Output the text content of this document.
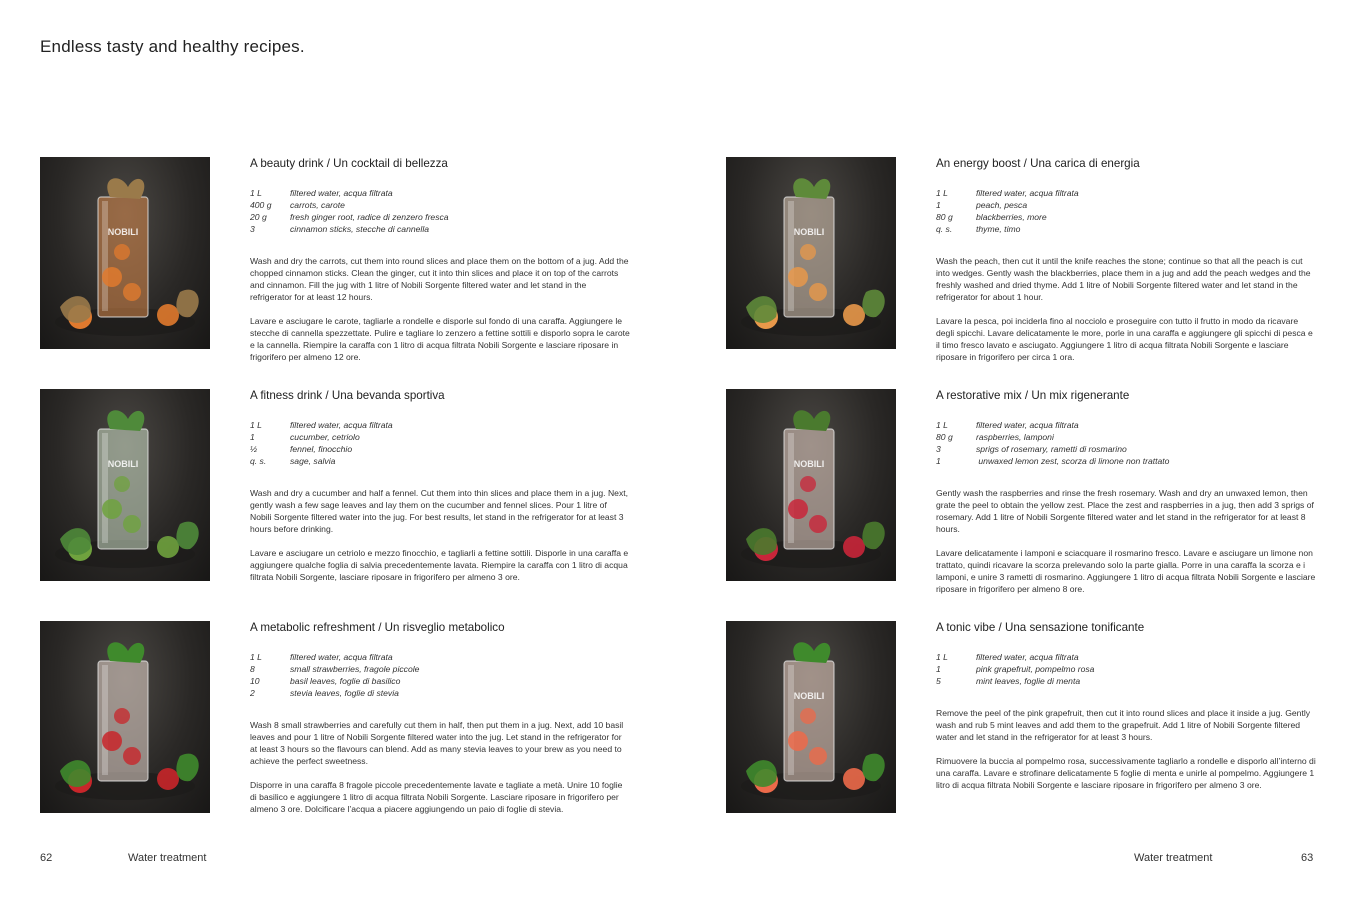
Endless tasty and healthy recipes.
NOBILI
A beauty drink / Un cocktail di bellezza
1 L	filtered water, acqua filtrata
400 g	carrots, carote
20 g	fresh ginger root, radice di zenzero fresca
3	cinnamon sticks, stecche di cannella
Wash and dry the carrots, cut them into round slices and place them on the bottom of a jug. Add the chopped cinnamon sticks. Clean the ginger, cut it into thin slices and place it on top of the carrots and cinnamon. Fill the jug with 1 litre of Nobili Sorgente filtered water and let stand in the refrigerator for at least 12 hours.
Lavare e asciugare le carote, tagliarle a rondelle e disporle sul fondo di una caraffa. Aggiungere le stecche di cannella spezzettate. Pulire e tagliare lo zenzero a fettine sottili e disporlo sopra le carote e la cannella. Riempire la caraffa con 1 litro di acqua filtrata Nobili Sorgente e lasciare riposare in frigorifero per almeno 12 ore.
NOBILI
A fitness drink / Una bevanda sportiva
1 L	filtered water, acqua filtrata
1	cucumber, cetriolo
½	fennel, finocchio
q. s.	sage, salvia
Wash and dry a cucumber and half a fennel. Cut them into thin slices and place them in a jug. Next, gently wash a few sage leaves and lay them on the cucumber and fennel slices. Pour 1 litre of Nobili Sorgente filtered water into the jug. For best results, let stand in the refrigerator for at least 3 hours before drinking.
Lavare e asciugare un cetriolo e mezzo finocchio, e tagliarli a fettine sottili. Disporle in una caraffa e aggiungere qualche foglia di salvia precedentemente lavata. Riempire la caraffa con 1 litro di acqua filtrata Nobili Sorgente, lasciare riposare in frigorifero per almeno 3 ore.
A metabolic refreshment / Un risveglio metabolico
1 L	filtered water, acqua filtrata
8	small strawberries, fragole piccole
10	basil leaves, foglie di basilico
2	stevia leaves, foglie di stevia
Wash 8 small strawberries and carefully cut them in half, then put them in a jug. Next, add 10 basil leaves and pour 1 litre of Nobili Sorgente filtered water into the jug. Let stand in the refrigerator for at least 3 hours so the flavours can blend. Add as many stevia leaves to your brew as you need to achieve the perfect sweetness.
Disporre in una caraffa 8 fragole piccole precedentemente lavate e tagliate a metà. Unire 10 foglie di basilico e aggiungere 1 litro di acqua filtrata Nobili Sorgente. Lasciare riposare in frigorifero per almeno 3 ore. Dolcificare l’acqua a piacere aggiungendo un paio di foglie di stevia.
NOBILI
An energy boost / Una carica di energia
1 L	filtered water, acqua filtrata
1	peach, pesca
80 g	blackberries, more
q. s.	thyme, timo
Wash the peach, then cut it until the knife reaches the stone; continue so that all the peach is cut into wedges. Gently wash the blackberries, place them in a jug and add the peach wedges and the freshly washed and dried thyme. Add 1 litre of Nobili Sorgente filtered water and let stand in the refrigerator for about 1 hour.
Lavare la pesca, poi inciderla fino al nocciolo e proseguire con tutto il frutto in modo da ricavare degli spicchi. Lavare delicatamente le more, porle in una caraffa e aggiungere gli spicchi di pesca e il timo fresco lavato e asciugato. Aggiungere 1 litro di acqua filtrata Nobili Sorgente e lasciare riposare in frigorifero per circa 1 ora.
NOBILI
A restorative mix / Un mix rigenerante
1 L	filtered water, acqua filtrata
80 g	raspberries, lamponi
3	sprigs of rosemary, rametti di rosmarino
1	unwaxed lemon zest, scorza di limone non trattato
Gently wash the raspberries and rinse the fresh rosemary. Wash and dry an unwaxed lemon, then grate the peel to obtain the yellow zest. Place the zest and raspberries in a jug, then add 3 sprigs of rosemary. Add 1 litre of Nobili Sorgente filtered water and let stand in the refrigerator for at least 8 hours.
Lavare delicatamente i lamponi e sciacquare il rosmarino fresco. Lavare e asciugare un limone non trattato, quindi ricavare la scorza prelevando solo la parte gialla. Porre in una caraffa la scorza e i lamponi, e unire 3 rametti di rosmarino. Aggiungere 1 litro di acqua filtrata Nobili Sorgente e lasciare riposare in frigorifero per almeno 8 ore.
NOBILI
A tonic vibe / Una sensazione tonificante
1 L	filtered water, acqua filtrata
1	pink grapefruit, pompelmo rosa
5	mint leaves, foglie di menta
Remove the peel of the pink grapefruit, then cut it into round slices and place it inside a jug. Gently wash and rub 5 mint leaves and add them to the grapefruit. Add 1 litre of Nobili Sorgente filtered water and let stand in the refrigerator for at least 3 hours.
Rimuovere la buccia al pompelmo rosa, successivamente tagliarlo a rondelle e disporlo all’interno di una caraffa. Lavare e strofinare delicatamente 5 foglie di menta e unirle al pompelmo. Aggiungere 1 litro di acqua filtrata Nobili Sorgente e lasciare riposare in frigorifero per almeno 3 ore.
62	Water treatment	Water treatment	63
